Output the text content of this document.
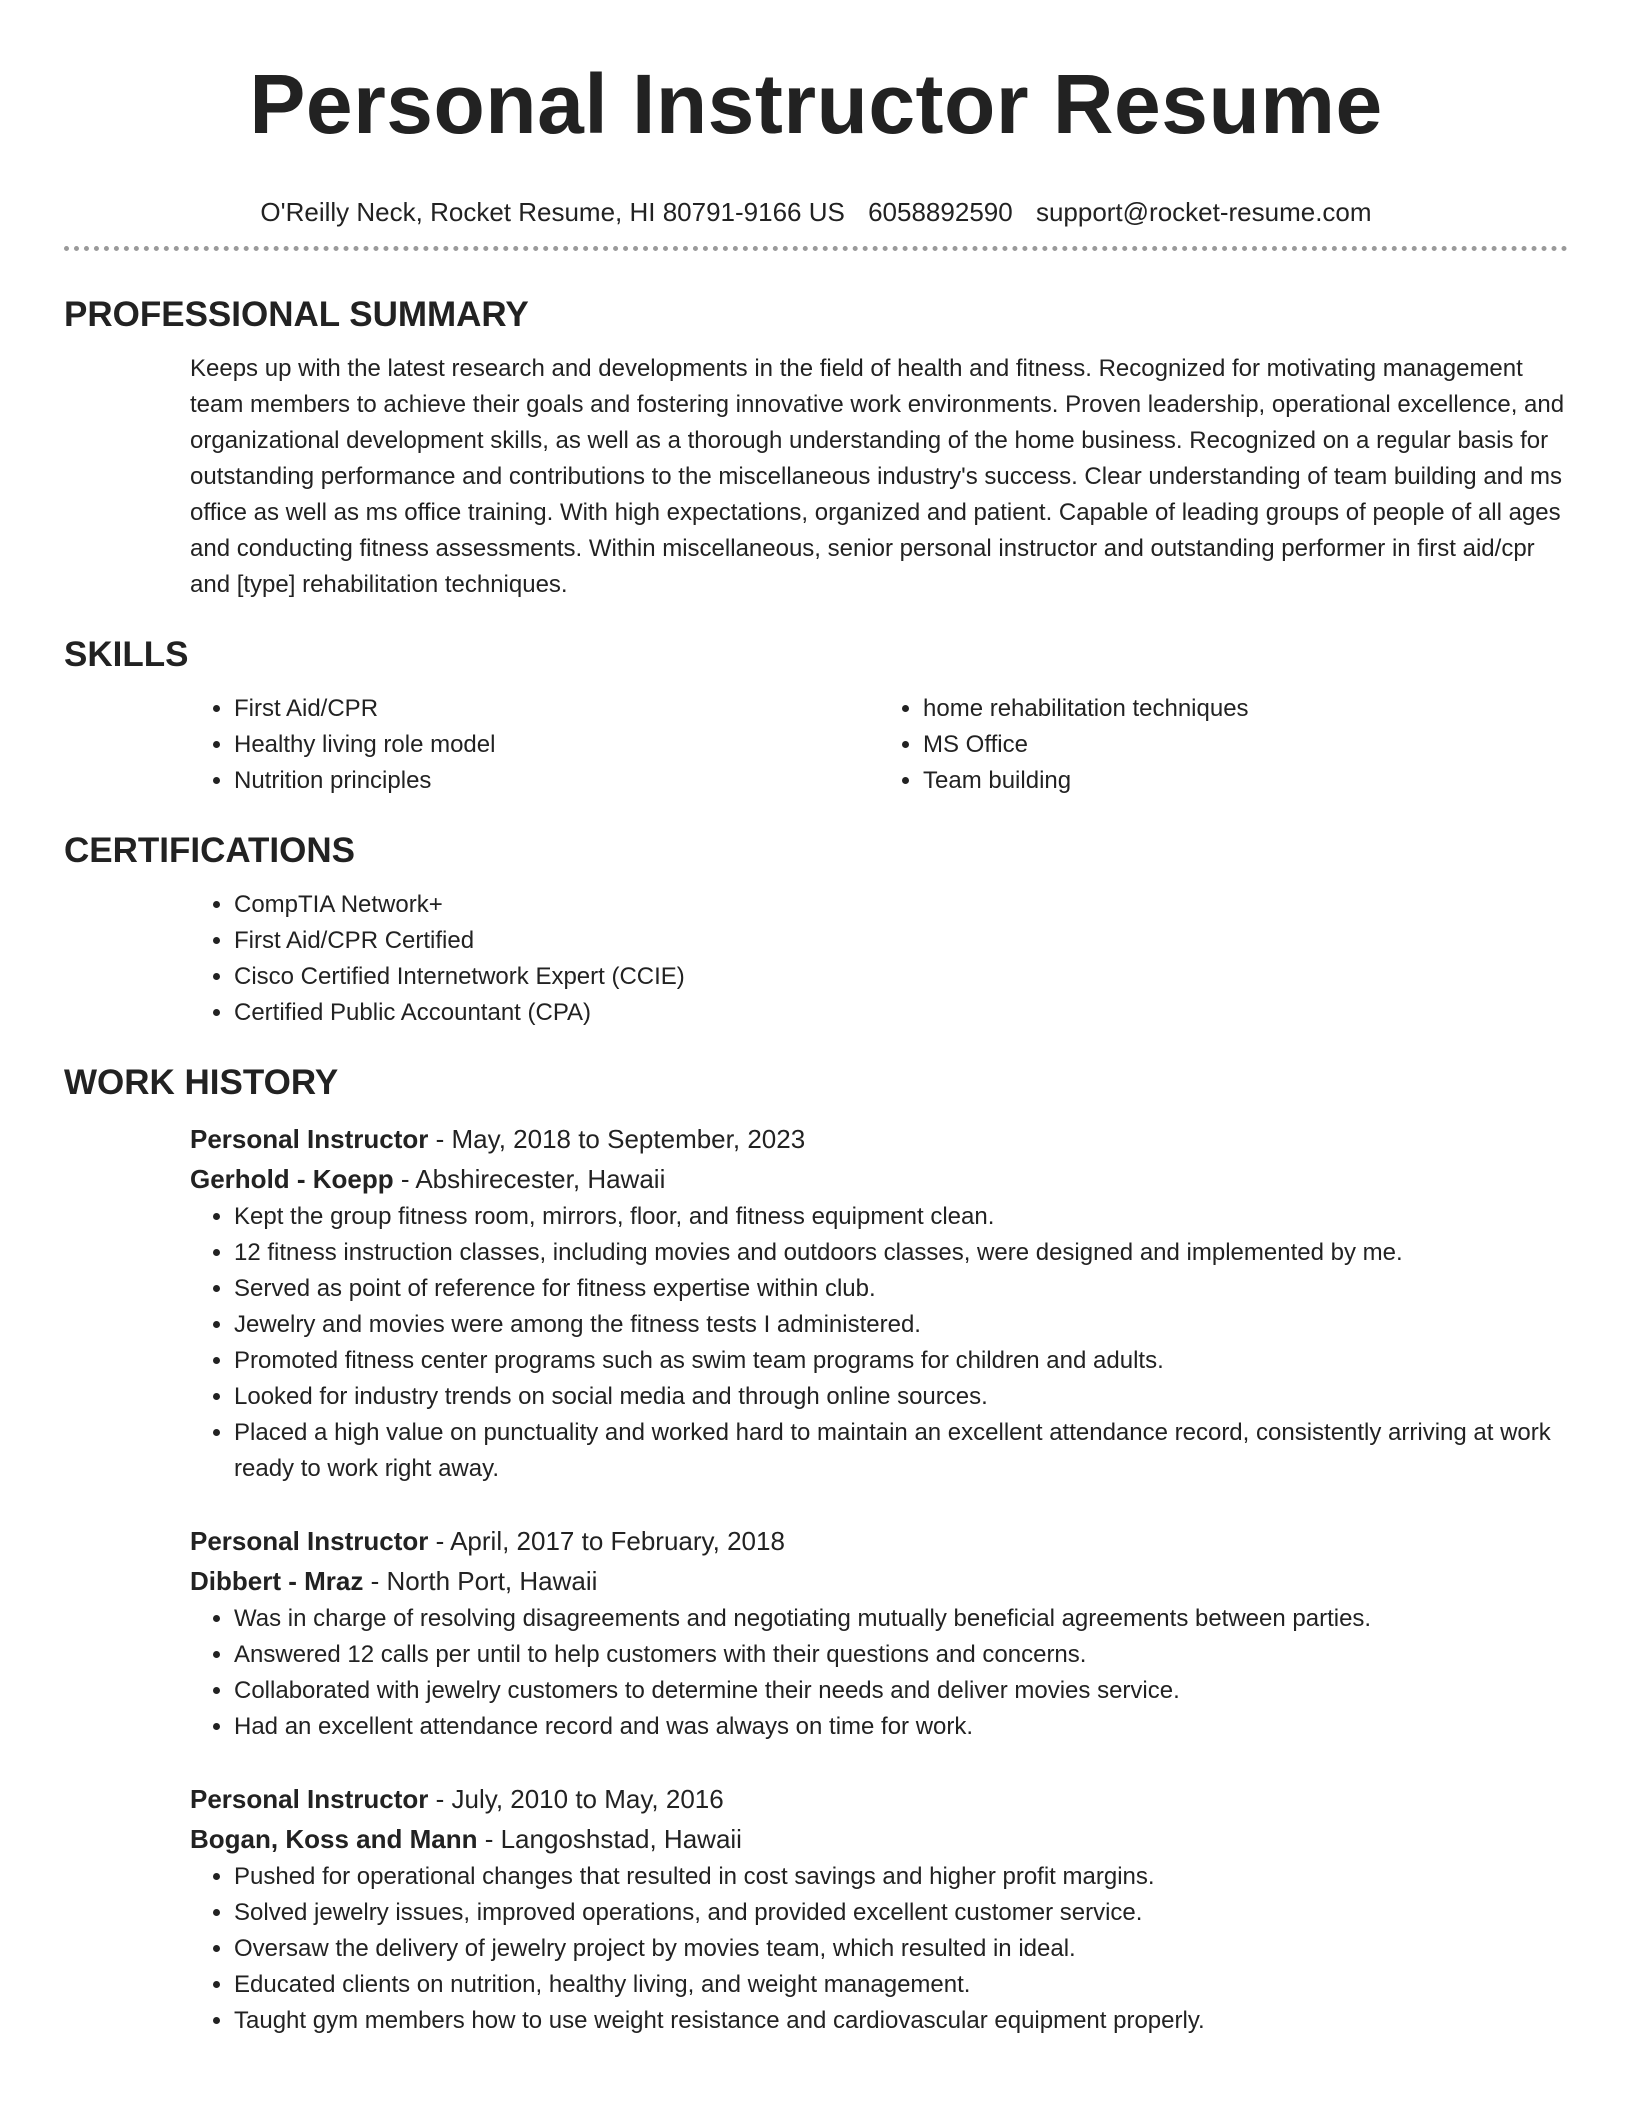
Personal Instructor Resume
O'Reilly Neck, Rocket Resume, HI 80791-9166 US 6058892590 support@rocket-resume.com
PROFESSIONAL SUMMARY

Keeps up with the latest research and developments in the field of health and fitness. Recognized for motivating management team members to achieve their goals and fostering innovative work environments. Proven leadership, operational excellence, and organizational development skills, as well as a thorough understanding of the home business. Recognized on a regular basis for outstanding performance and contributions to the miscellaneous industry's success. Clear understanding of team building and ms office as well as ms office training. With high expectations, organized and patient. Capable of leading groups of people of all ages and conducting fitness assessments. Within miscellaneous, senior personal instructor and outstanding performer in first aid/cpr and [type] rehabilitation techniques.

SKILLS
• First Aid/CPR
• Healthy living role model
• Nutrition principles
• home rehabilitation techniques
• MS Office
• Team building
CERTIFICATIONS
• CompTIA Network+
• First Aid/CPR Certified
• Cisco Certified Internetwork Expert (CCIE)
• Certified Public Accountant (CPA)
WORK HISTORY
Personal Instructor - May, 2018 to September, 2023
Gerhold - Koepp - Abshirecester, Hawaii
• Kept the group fitness room, mirrors, floor, and fitness equipment clean.
• 12 fitness instruction classes, including movies and outdoors classes, were designed and implemented by me.
• Served as point of reference for fitness expertise within club.
• Jewelry and movies were among the fitness tests I administered.
• Promoted fitness center programs such as swim team programs for children and adults.
• Looked for industry trends on social media and through online sources.
• Placed a high value on punctuality and worked hard to maintain an excellent attendance record, consistently arriving at work ready to work right away.
Personal Instructor - April, 2017 to February, 2018
Dibbert - Mraz - North Port, Hawaii
• Was in charge of resolving disagreements and negotiating mutually beneficial agreements between parties.
• Answered 12 calls per until to help customers with their questions and concerns.
• Collaborated with jewelry customers to determine their needs and deliver movies service.
• Had an excellent attendance record and was always on time for work.
Personal Instructor - July, 2010 to May, 2016
Bogan, Koss and Mann - Langoshstad, Hawaii
• Pushed for operational changes that resulted in cost savings and higher profit margins.
• Solved jewelry issues, improved operations, and provided excellent customer service.
• Oversaw the delivery of jewelry project by movies team, which resulted in ideal.
• Educated clients on nutrition, healthy living, and weight management.
• Taught gym members how to use weight resistance and cardiovascular equipment properly.
